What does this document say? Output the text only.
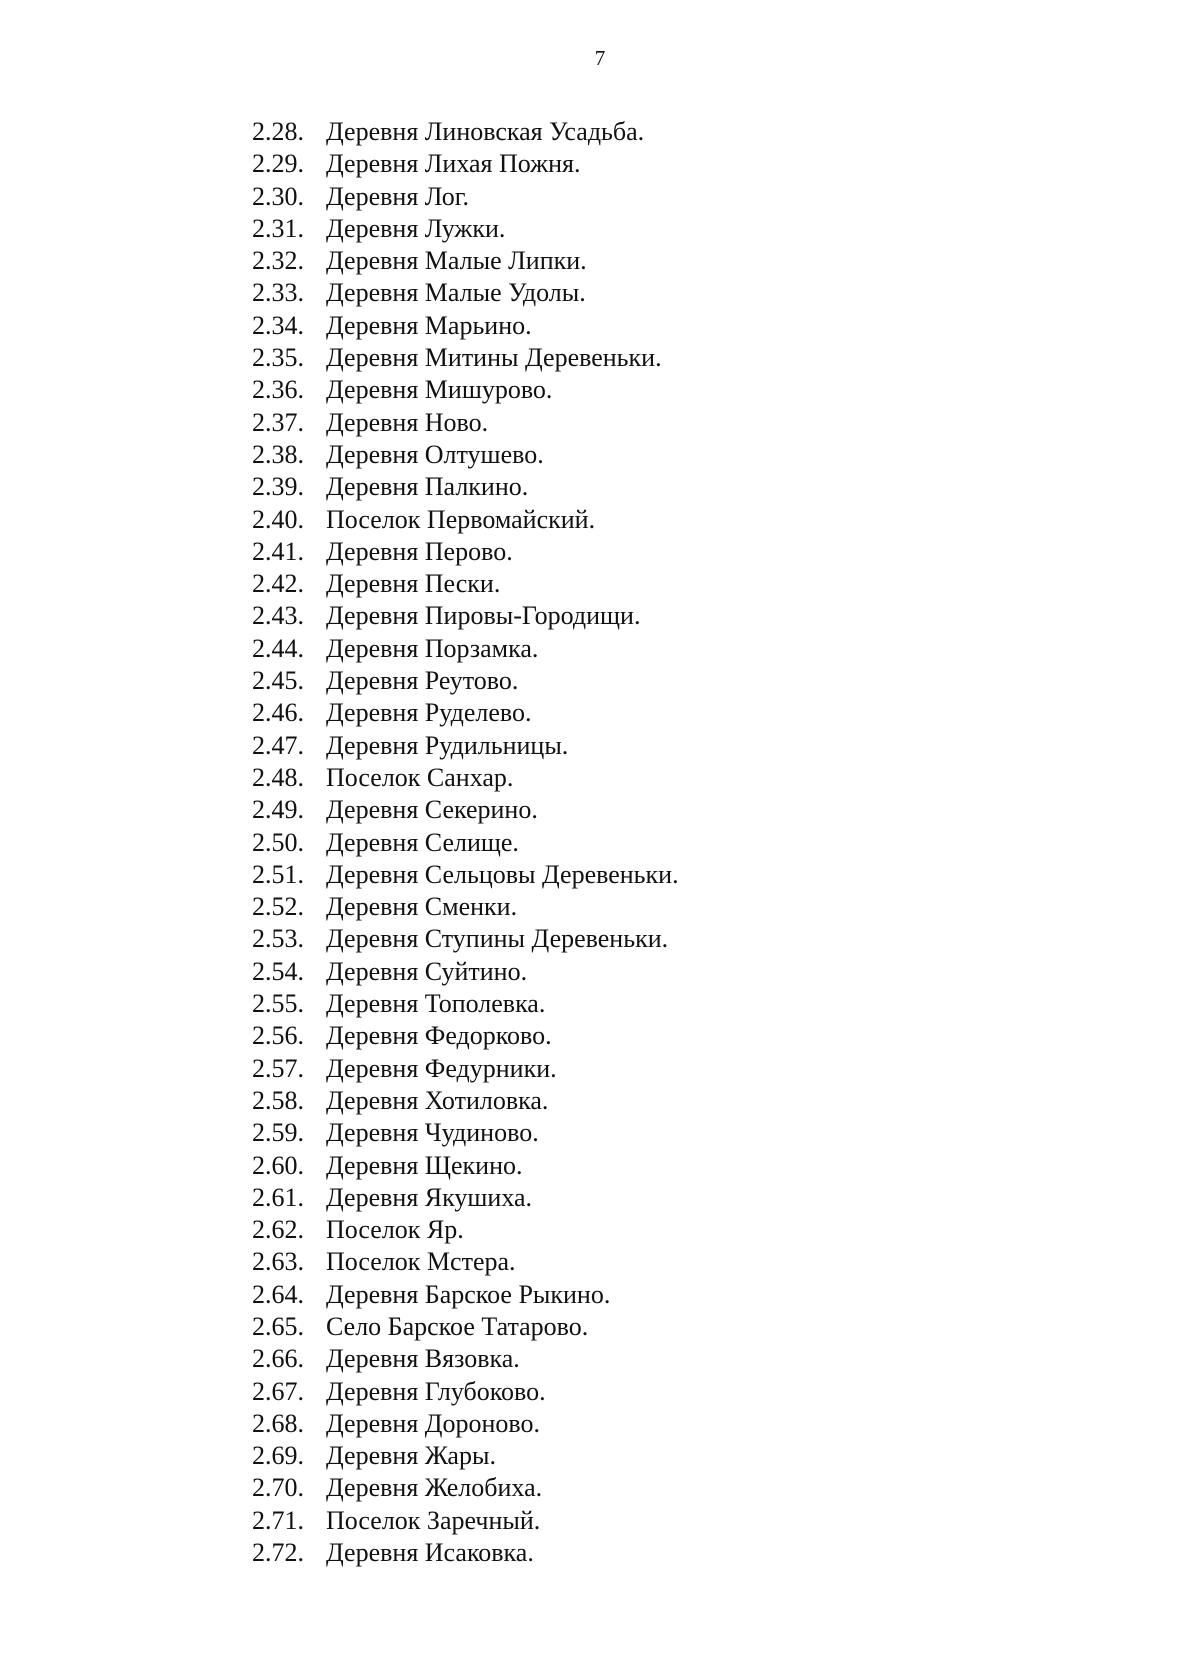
7
2.28. Деревня Линовская Усадьба.
2.29. Деревня Лихая Пожня.
2.30. Деревня Лог.
2.31. Деревня Лужки.
2.32. Деревня Малые Липки.
2.33. Деревня Малые Удолы.
2.34. Деревня Марьино.
2.35. Деревня Митины Деревеньки.
2.36. Деревня Мишурово.
2.37. Деревня Ново.
2.38. Деревня Олтушево.
2.39. Деревня Палкино.
2.40. Поселок Первомайский.
2.41. Деревня Перово.
2.42. Деревня Пески.
2.43. Деревня Пировы-Городищи.
2.44. Деревня Порзамка.
2.45. Деревня Реутово.
2.46. Деревня Руделево.
2.47. Деревня Рудильницы.
2.48. Поселок Санхар.
2.49. Деревня Секерино.
2.50. Деревня Селище.
2.51. Деревня Сельцовы Деревеньки.
2.52. Деревня Сменки.
2.53. Деревня Ступины Деревеньки.
2.54. Деревня Суйтино.
2.55. Деревня Тополевка.
2.56. Деревня Федорково.
2.57. Деревня Федурники.
2.58. Деревня Хотиловка.
2.59. Деревня Чудиново.
2.60. Деревня Щекино.
2.61. Деревня Якушиха.
2.62. Поселок Яр.
2.63. Поселок Мстера.
2.64. Деревня Барское Рыкино.
2.65. Село Барское Татарово.
2.66. Деревня Вязовка.
2.67. Деревня Глубоково.
2.68. Деревня Дороново.
2.69. Деревня Жары.
2.70. Деревня Желобиха.
2.71. Поселок Заречный.
2.72. Деревня Исаковка.
